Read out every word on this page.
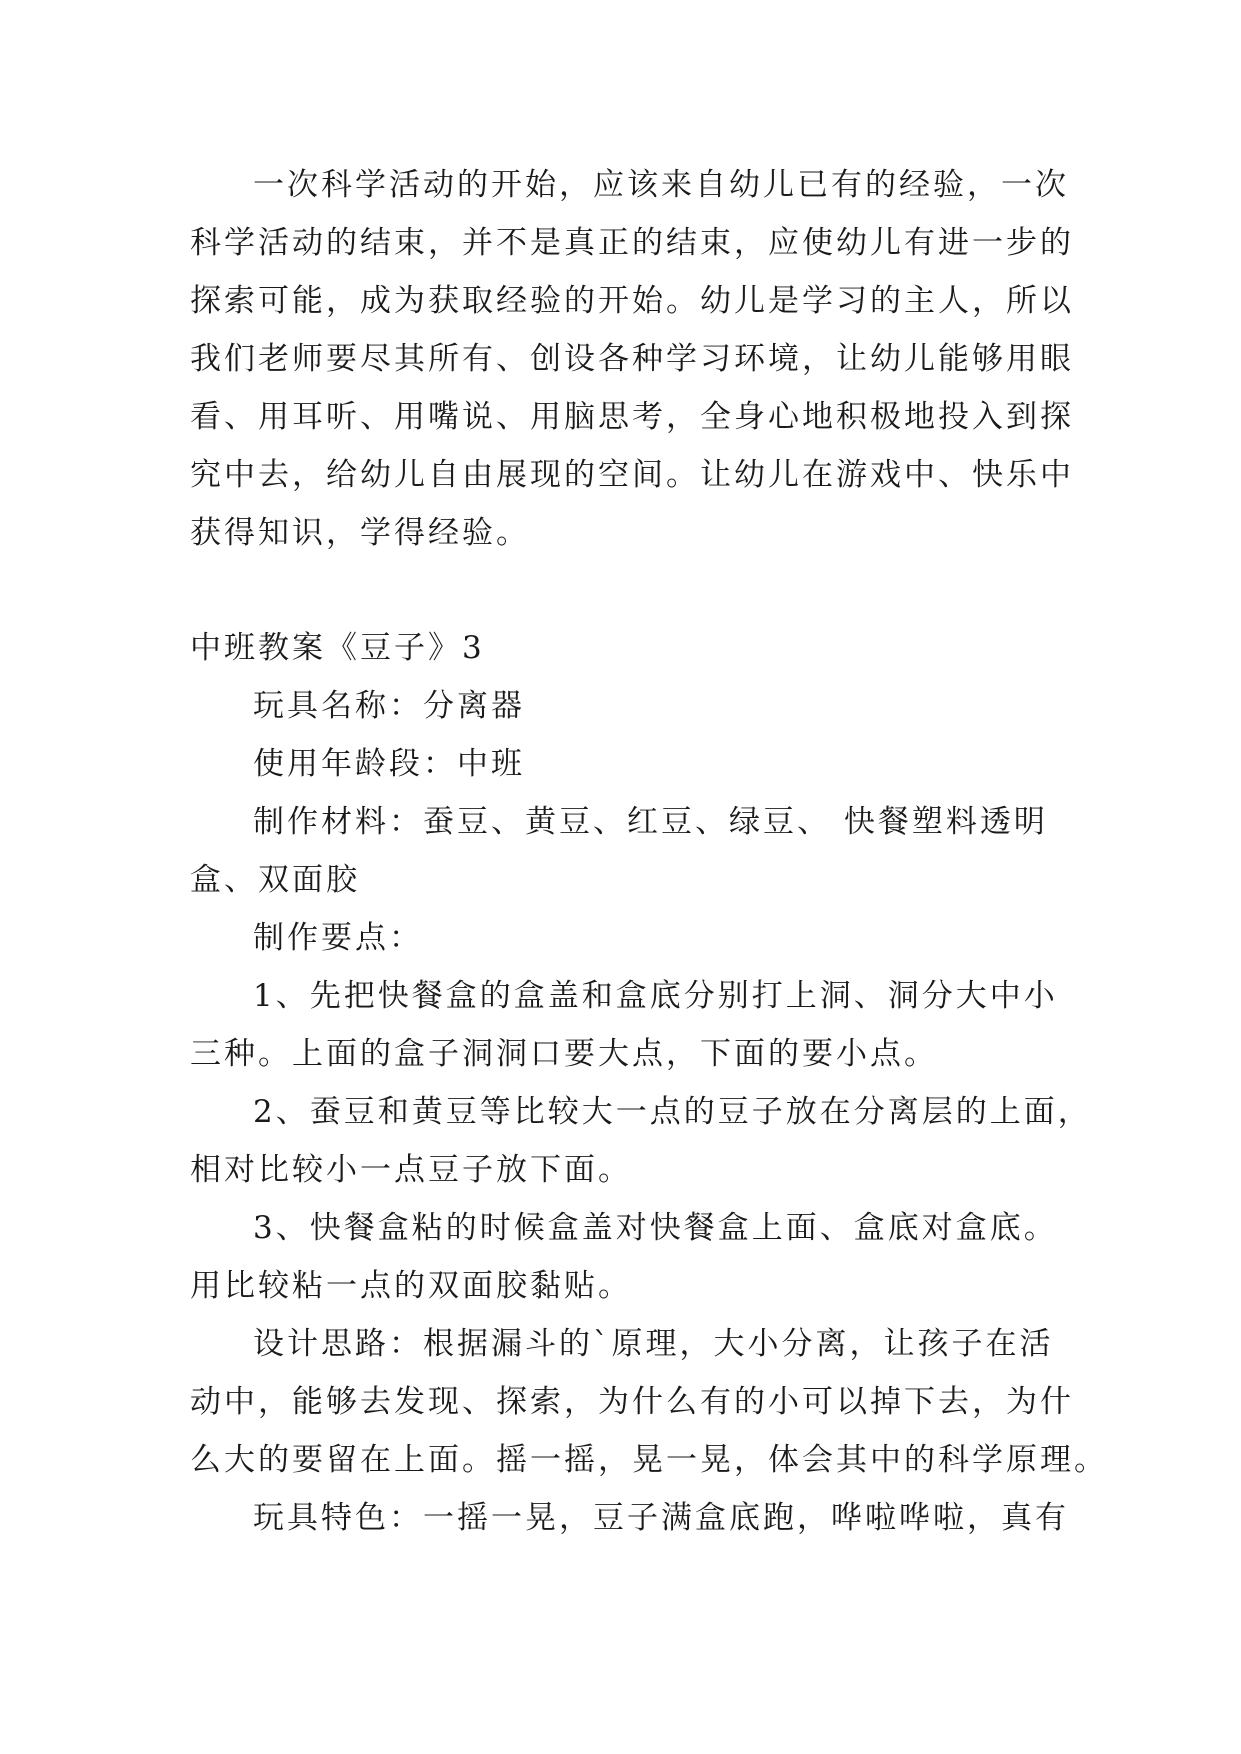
一次科学活动的开始，应该来自幼儿已有的经验，一次
科学活动的结束，并不是真正的结束，应使幼儿有进一步的
探索可能，成为获取经验的开始。幼儿是学习的主人，所以
我们老师要尽其所有、创设各种学习环境，让幼儿能够用眼
看、用耳听、用嘴说、用脑思考，全身心地积极地投入到探
究中去，给幼儿自由展现的空间。让幼儿在游戏中、快乐中
获得知识，学得经验。
中班教案《豆子》3
玩具名称：分离器
使用年龄段：中班
制作材料：蚕豆、黄豆、红豆、绿豆、 快餐塑料透明
盒、双面胶
制作要点：
1、先把快餐盒的盒盖和盒底分别打上洞、洞分大中小
三种。上面的盒子洞洞口要大点，下面的要小点。
2、蚕豆和黄豆等比较大一点的豆子放在分离层的上面，
相对比较小一点豆子放下面。
3、快餐盒粘的时候盒盖对快餐盒上面、盒底对盒底。
用比较粘一点的双面胶黏贴。
设计思路：根据漏斗的`原理，大小分离，让孩子在活
动中，能够去发现、探索，为什么有的小可以掉下去，为什
么大的要留在上面。摇一摇，晃一晃，体会其中的科学原理。
玩具特色：一摇一晃，豆子满盒底跑，哗啦哗啦，真有
